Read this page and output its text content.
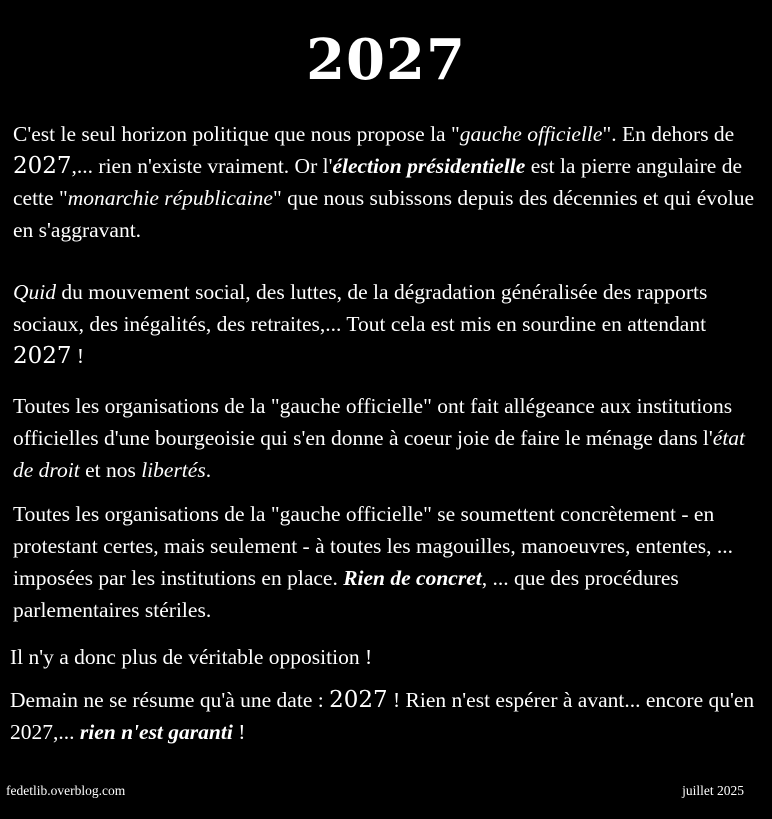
2027

C'est le seul horizon politique que nous propose la "gauche officielle". En dehors de 2027,... rien n'existe vraiment. Or l'élection présidentielle est la pierre angulaire de cette "monarchie républicaine" que nous subissons depuis des décennies et qui évolue en s'aggravant.

Quid du mouvement social, des luttes, de la dégradation généralisée des rapports sociaux, des inégalités, des retraites,... Tout cela est mis en sourdine en attendant 2027 !

Toutes les organisations de la "gauche officielle" ont fait allégeance aux institutions officielles d'une bourgeoisie qui s'en donne à coeur joie de faire le ménage dans l'état de droit et nos libertés.

Toutes les organisations de la "gauche officielle" se soumettent concrètement - en protestant certes, mais seulement - à toutes les magouilles, manoeuvres, ententes, ... imposées par les institutions en place. Rien de concret, ... que des procédures parlementaires stériles.

Il n'y a donc plus de véritable opposition !

Demain ne se résume qu'à une date : 2027 ! Rien n'est espérer à avant... encore qu'en 2027,... rien n'est garanti !

fedetlib.overblog.com	juillet 2025
